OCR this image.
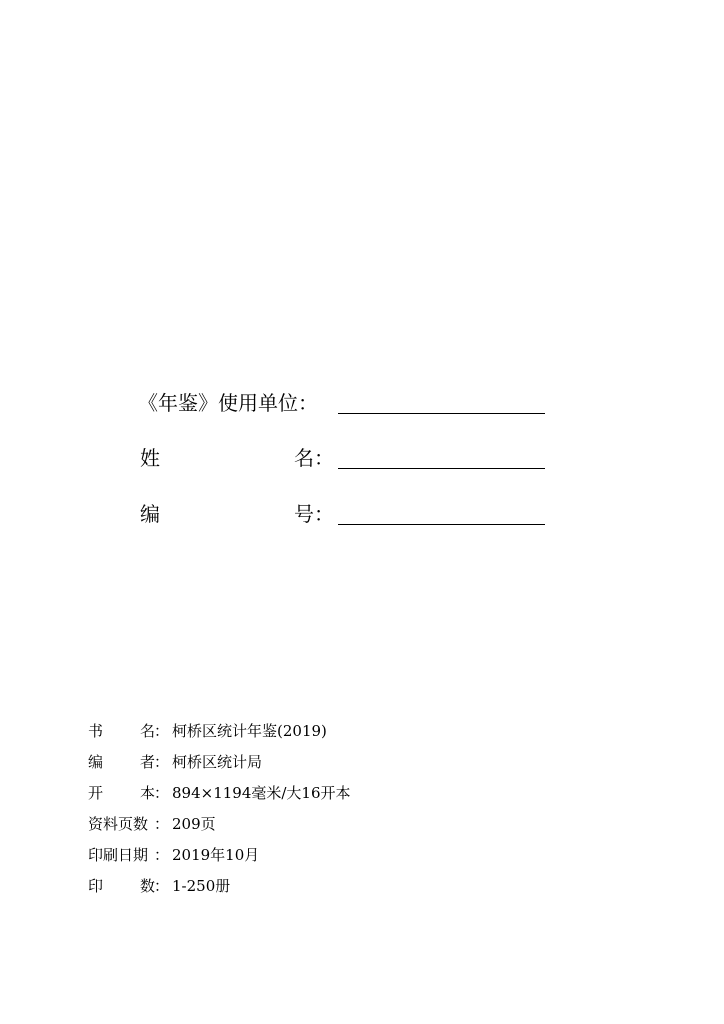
《年鉴》使用单位：
姓	名：
编	号：
书 名
： 柯桥区统计年鉴(2019)
编 者
： 柯桥区统计局
开 本
： 894×1194毫米/大16开本
资料页数 ： 209页
印刷日期 ： 2019年10月
印 数
： 1-250册
